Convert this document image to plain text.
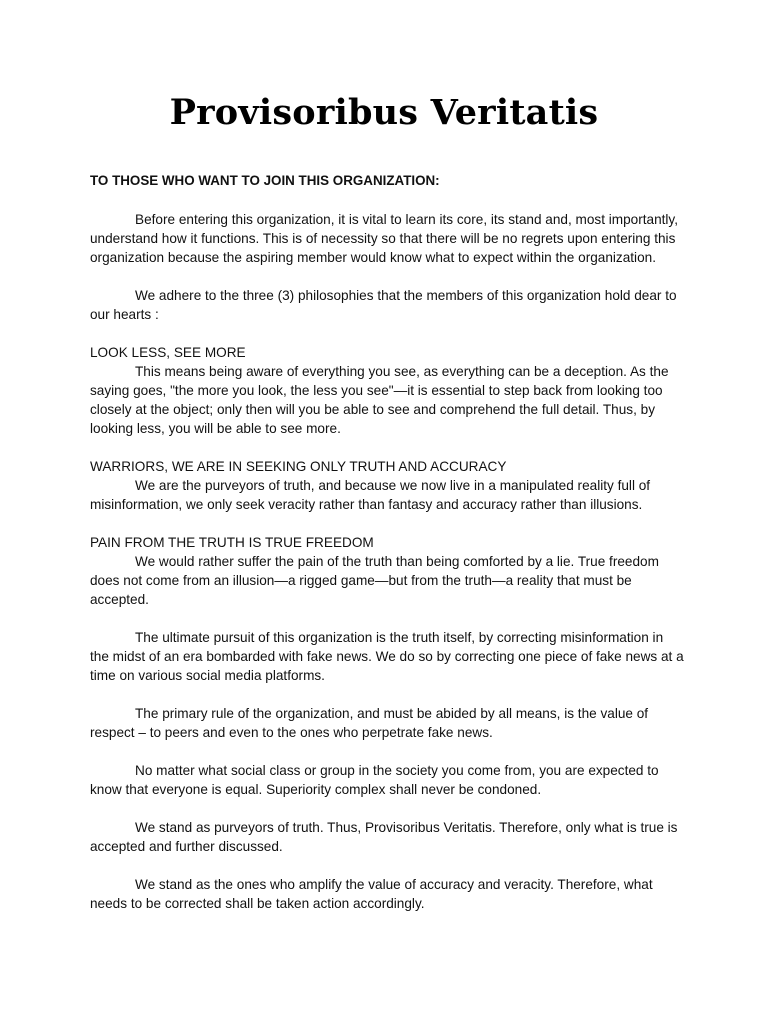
Provisoribus Veritatis

TO THOSE WHO WANT TO JOIN THIS ORGANIZATION:

Before entering this organization, it is vital to learn its core, its stand and, most importantly, understand how it functions. This is of necessity so that there will be no regrets upon entering this organization because the aspiring member would know what to expect within the organization.

We adhere to the three (3) philosophies that the members of this organization hold dear to our hearts :

LOOK LESS, SEE MORE

This means being aware of everything you see, as everything can be a deception. As the saying goes, "the more you look, the less you see"—it is essential to step back from looking too closely at the object; only then will you be able to see and comprehend the full detail. Thus, by looking less, you will be able to see more.

WARRIORS, WE ARE IN SEEKING ONLY TRUTH AND ACCURACY

We are the purveyors of truth, and because we now live in a manipulated reality full of misinformation, we only seek veracity rather than fantasy and accuracy rather than illusions.

PAIN FROM THE TRUTH IS TRUE FREEDOM

We would rather suffer the pain of the truth than being comforted by a lie. True freedom does not come from an illusion—a rigged game—but from the truth—a reality that must be accepted.

The ultimate pursuit of this organization is the truth itself, by correcting misinformation in the midst of an era bombarded with fake news. We do so by correcting one piece of fake news at a time on various social media platforms.

The primary rule of the organization, and must be abided by all means, is the value of respect – to peers and even to the ones who perpetrate fake news.

No matter what social class or group in the society you come from, you are expected to know that everyone is equal. Superiority complex shall never be condoned.

We stand as purveyors of truth. Thus, Provisoribus Veritatis. Therefore, only what is true is accepted and further discussed.

We stand as the ones who amplify the value of accuracy and veracity. Therefore, what needs to be corrected shall be taken action accordingly.
